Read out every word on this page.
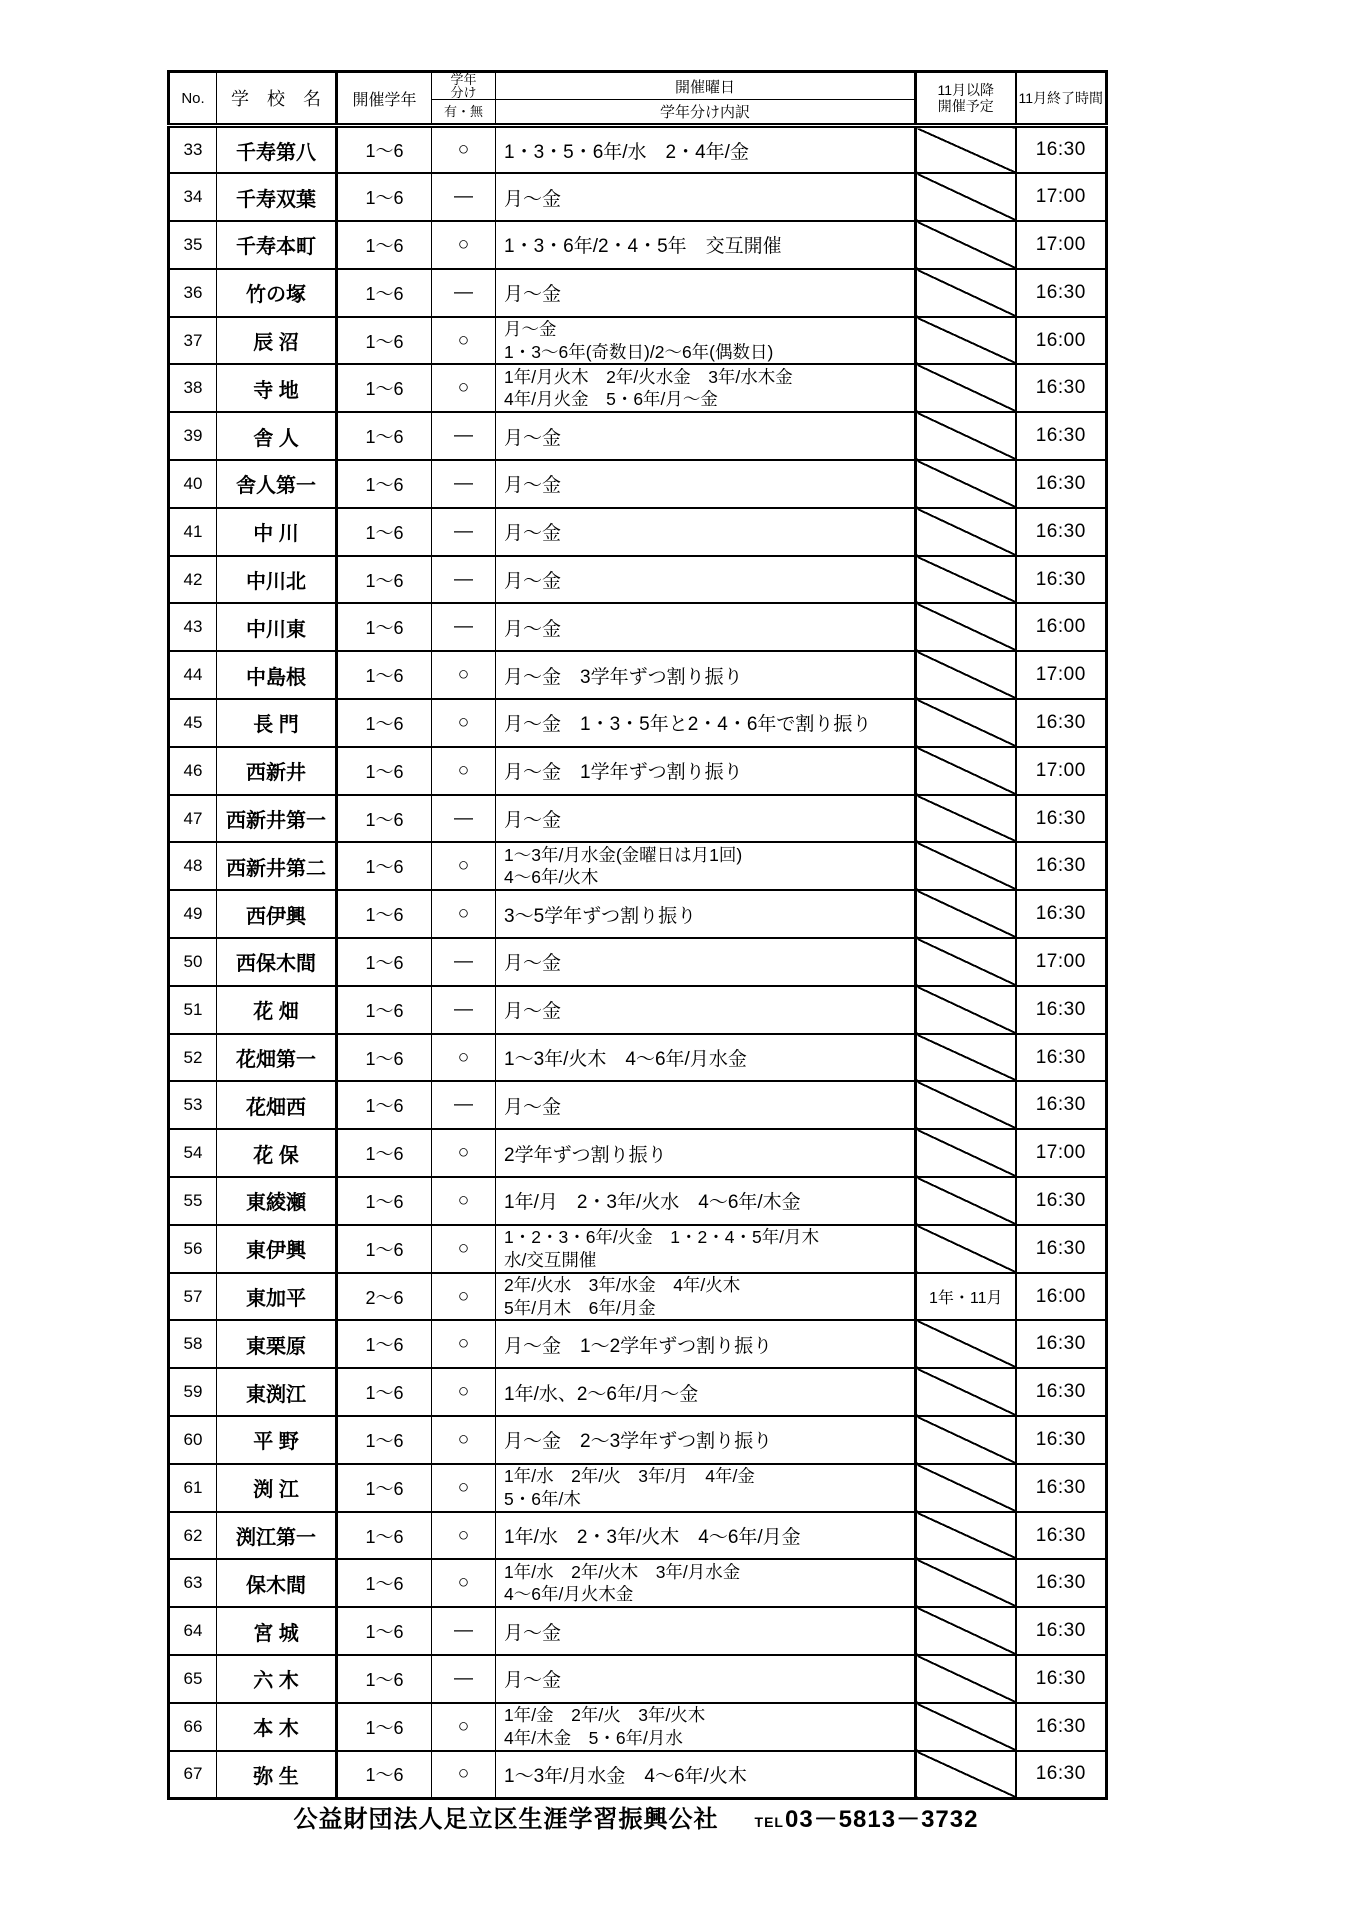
No.	学　校　名	開催学年	
学年
分け	開催曜日	11月以降
開催予定	11月終了時間
			有・無	学年分け内訳		
33	千寿第八	1～6	○	1・3・5・6年/水　2・4年/金		16:30
34	千寿双葉	1～6	―	月～金		17:00
35	千寿本町	1～6	○	1・3・6年/2・4・5年　交互開催		17:00
36	竹の塚	1～6	―	月～金		16:30
37	辰 沼	1～6	○	月～金
1・3～6年(奇数日)/2～6年(偶数日)		16:00
38	寺 地	1～6	○	1年/月火木　2年/火水金　3年/水木金
4年/月火金　5・6年/月～金		16:30
39	舎 人	1～6	―	月～金		16:30
40	舎人第一	1～6	―	月～金		16:30
41	中 川	1～6	―	月～金		16:30
42	中川北	1～6	―	月～金		16:30
43	中川東	1～6	―	月～金		16:00
44	中島根	1～6	○	月～金　3学年ずつ割り振り		17:00
45	長 門	1～6	○	月～金　1・3・5年と2・4・6年で割り振り		16:30
46	西新井	1～6	○	月～金　1学年ずつ割り振り		17:00
47	西新井第一	1～6	―	月～金		16:30
48	西新井第二	1～6	○	1～3年/月水金(金曜日は月1回)
4～6年/火木		16:30
49	西伊興	1～6	○	3～5学年ずつ割り振り		16:30
50	西保木間	1～6	―	月～金		17:00
51	花 畑	1～6	―	月～金		16:30
52	花畑第一	1～6	○	1～3年/火木　4～6年/月水金		16:30
53	花畑西	1～6	―	月～金		16:30
54	花 保	1～6	○	2学年ずつ割り振り		17:00
55	東綾瀬	1～6	○	1年/月　2・3年/火水　4～6年/木金		16:30
56	東伊興	1～6	○	1・2・3・6年/火金　1・2・4・5年/月木
水/交互開催		16:30
57	東加平	2～6	○	2年/火水　3年/水金　4年/火木
5年/月木　6年/月金	1年・11月	16:00
58	東栗原	1～6	○	月～金　1～2学年ずつ割り振り		16:30
59	東渕江	1～6	○	1年/水、2～6年/月～金		16:30
60	平 野	1～6	○	月～金　2～3学年ずつ割り振り		16:30
61	渕 江	1～6	○	1年/水　2年/火　3年/月　4年/金
5・6年/木		16:30
62	渕江第一	1～6	○	1年/水　2・3年/火木　4～6年/月金		16:30
63	保木間	1～6	○	1年/水　2年/火木　3年/月水金
4～6年/月火木金		16:30
64	宮 城	1～6	―	月～金		16:30
65	六 木	1～6	―	月～金		16:30
66	本 木	1～6	○	1年/金　2年/火　3年/火木
4年/木金　5・6年/月水		16:30
67	弥 生	1～6	○	1～3年/月水金　4～6年/火木		16:30
公益財団法人足立区生涯学習振興公社	TEL03－5813－3732
